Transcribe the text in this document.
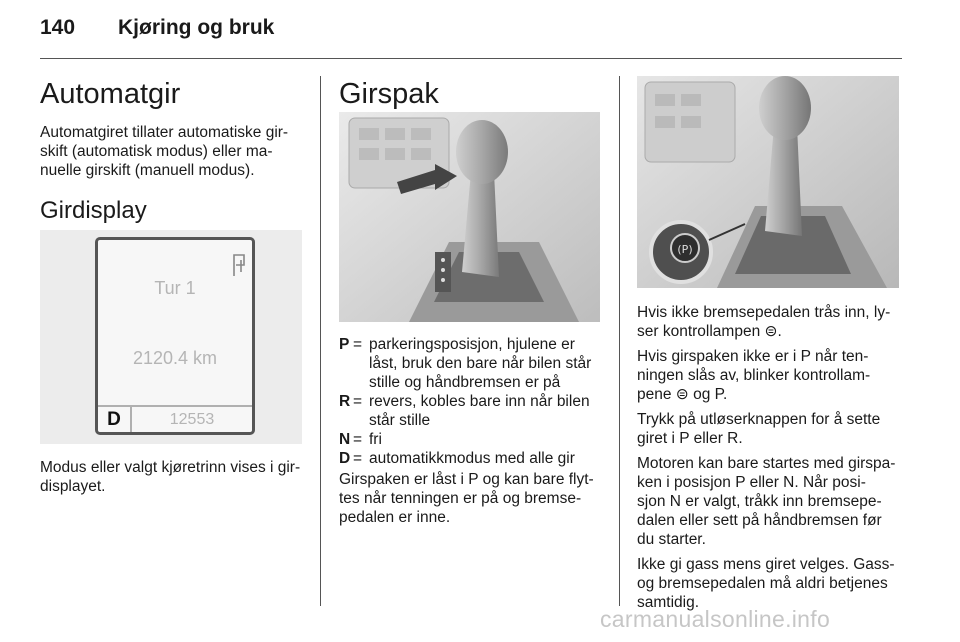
140 Kjøring og bruk
Automatgir
Automatgiret tillater automatiske gir-
skift (automatisk modus) eller ma-
nuelle girskift (manuell modus).
Girdisplay
Tur 1
2120.4 km
D	12553
Modus eller valgt kjøretrinn vises i gir-
displayet.
Girspak
P = parkeringsposisjon, hjulene er låst, bruk den bare når bilen står stille og håndbremsen er på
R = revers, kobles bare inn når bilen står stille
N = fri
D = automatikkmodus med alle gir
Girspaken er låst i P og kan bare flyt-
tes når tenningen er på og bremse-
pedalen er inne.
(P)

Hvis ikke bremsepedalen tr​ås inn, ly-
ser kontrollampen ⊜.

Hvis girspaken ikke er i P når ten-
ningen slås av, blinker kontrollam-
pene ⊜ og P.

Trykk på utløserknappen for å sette
giret i P eller R.

Motoren kan bare startes med girspa-
ken i posisjon P eller N. Når posi-
sjon N er valgt, tråkk inn bremsepe-
dalen eller sett på håndbremsen før
du starter.

Ikke gi gass mens giret velges. Gass-
og bremsepedalen må aldri betjenes
samtidig.

carmanualsonline.info
